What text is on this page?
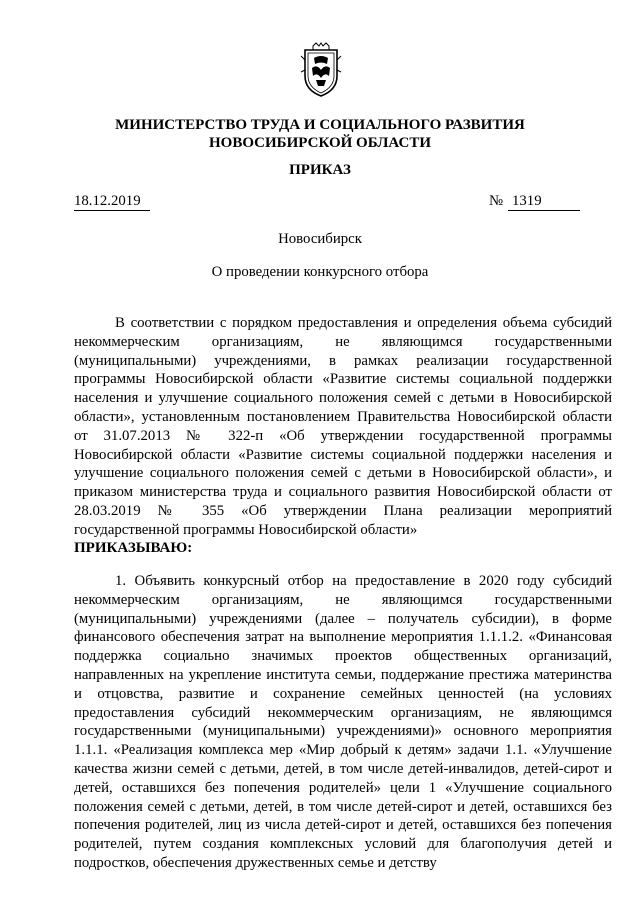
МИНИСТЕРСТВО ТРУДА И СОЦИАЛЬНОГО РАЗВИТИЯ
НОВОСИБИРСКОЙ ОБЛАСТИ
ПРИКАЗ
18.12.2019	№ 1319
Новосибирск
О проведении конкурсного отбора

В соответствии с порядком предоставления и определения объема субсидий некоммерческим организациям, не являющимся государственными (муниципальными) учреждениями, в рамках реализации государственной программы Новосибирской области «Развитие системы социальной поддержки населения и улучшение социального положения семей с детьми в Новосибирской области», установленным постановлением Правительства Новосибирской области от 31.07.2013 № 322-п «Об утверждении государственной программы Новосибирской области «Развитие системы социальной поддержки населения и улучшение социального положения семей с детьми в Новосибирской области», и приказом министерства труда и социального развития Новосибирской области от 28.03.2019 № 355 «Об утверждении Плана реализации мероприятий государственной программы Новосибирской области»

ПРИКАЗЫВАЮ:

1. Объявить конкурсный отбор на предоставление в 2020 году субсидий некоммерческим организациям, не являющимся государственными (муниципальными) учреждениями (далее – получатель субсидии), в форме финансового обеспечения затрат на выполнение мероприятия 1.1.1.2. «Финансовая поддержка социально значимых проектов общественных организаций, направленных на укрепление института семьи, поддержание престижа материнства и отцовства, развитие и сохранение семейных ценностей (на условиях предоставления субсидий некоммерческим организациям, не являющимся государственными (муниципальными) учреждениями)» основного мероприятия 1.1.1. «Реализация комплекса мер «Мир добрый к детям» задачи 1.1. «Улучшение качества жизни семей с детьми, детей, в том числе детей-инвалидов, детей-сирот и детей, оставшихся без попечения родителей» цели 1 «Улучшение социального положения семей с детьми, детей, в том числе детей-сирот и детей, оставшихся без попечения родителей, лиц из числа детей-сирот и детей, оставшихся без попечения родителей, путем создания комплексных условий для благополучия детей и подростков, обеспечения дружественных семье и детству
